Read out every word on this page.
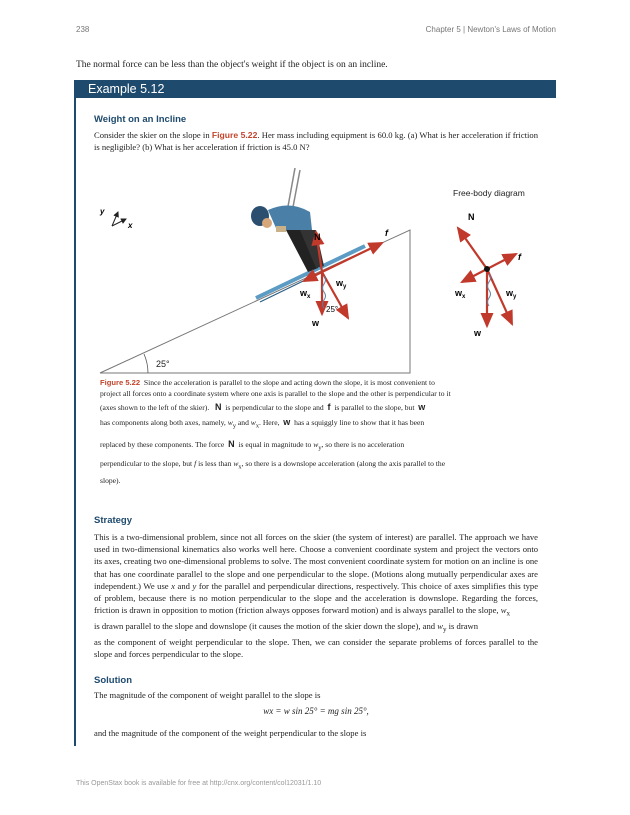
238	Chapter 5 | Newton's Laws of Motion
The normal force can be less than the object's weight if the object is on an incline.
Example 5.12
Weight on an Incline
Consider the skier on the slope in Figure 5.22. Her mass including equipment is 60.0 kg. (a) What is her acceleration if friction is negligible? (b) What is her acceleration if friction is 45.0 N?
Free-body diagram
25°
y
x
N	f
w
$w_x$
$w_y$
25°
N
f
w
$w_x$	$w_y$
Figure 5.22 Since the acceleration is parallel to the slope and acting down the slope, it is most convenient to
project all forces onto a coordinate system where one axis is parallel to the slope and the other is perpendicular to it
(axes shown to the left of the skier). N is perpendicular to the slope and f is parallel to the slope, but w
has components along both axes, namely, $w_y$ and $w_x$. Here, w has a squiggly line to show that it has been
replaced by these components. The force N is equal in magnitude to $w_y$, so there is no acceleration
perpendicular to the slope, but f is less than $w_x$, so there is a downslope acceleration (along the axis parallel to the
slope).
Strategy
This is a two-dimensional problem, since not all forces on the skier (the system of interest) are parallel. The approach we have used in two-dimensional kinematics also works well here. Choose a convenient coordinate system and project the vectors onto its axes, creating two one-dimensional problems to solve. The most convenient coordinate system for motion on an incline is one that has one coordinate parallel to the slope and one perpendicular to the slope. (Motions along mutually perpendicular axes are independent.) We use x and y for the parallel and perpendicular directions, respectively. This choice of axes simplifies this type of problem, because there is no motion perpendicular to the slope and the acceleration is downslope. Regarding the forces, friction is drawn in opposition to motion (friction always opposes forward motion) and is always parallel to the slope, $w_x$
is drawn parallel to the slope and downslope (it causes the motion of the skier down the slope), and $w_y$ is drawn
as the component of weight perpendicular to the slope. Then, we can consider the separate problems of forces parallel to the slope and forces perpendicular to the slope.
Solution
The magnitude of the component of weight parallel to the slope is
wx = w sin 25° = mg sin 25°,
and the magnitude of the component of the weight perpendicular to the slope is
This OpenStax book is available for free at http://cnx.org/content/col12031/1.10
